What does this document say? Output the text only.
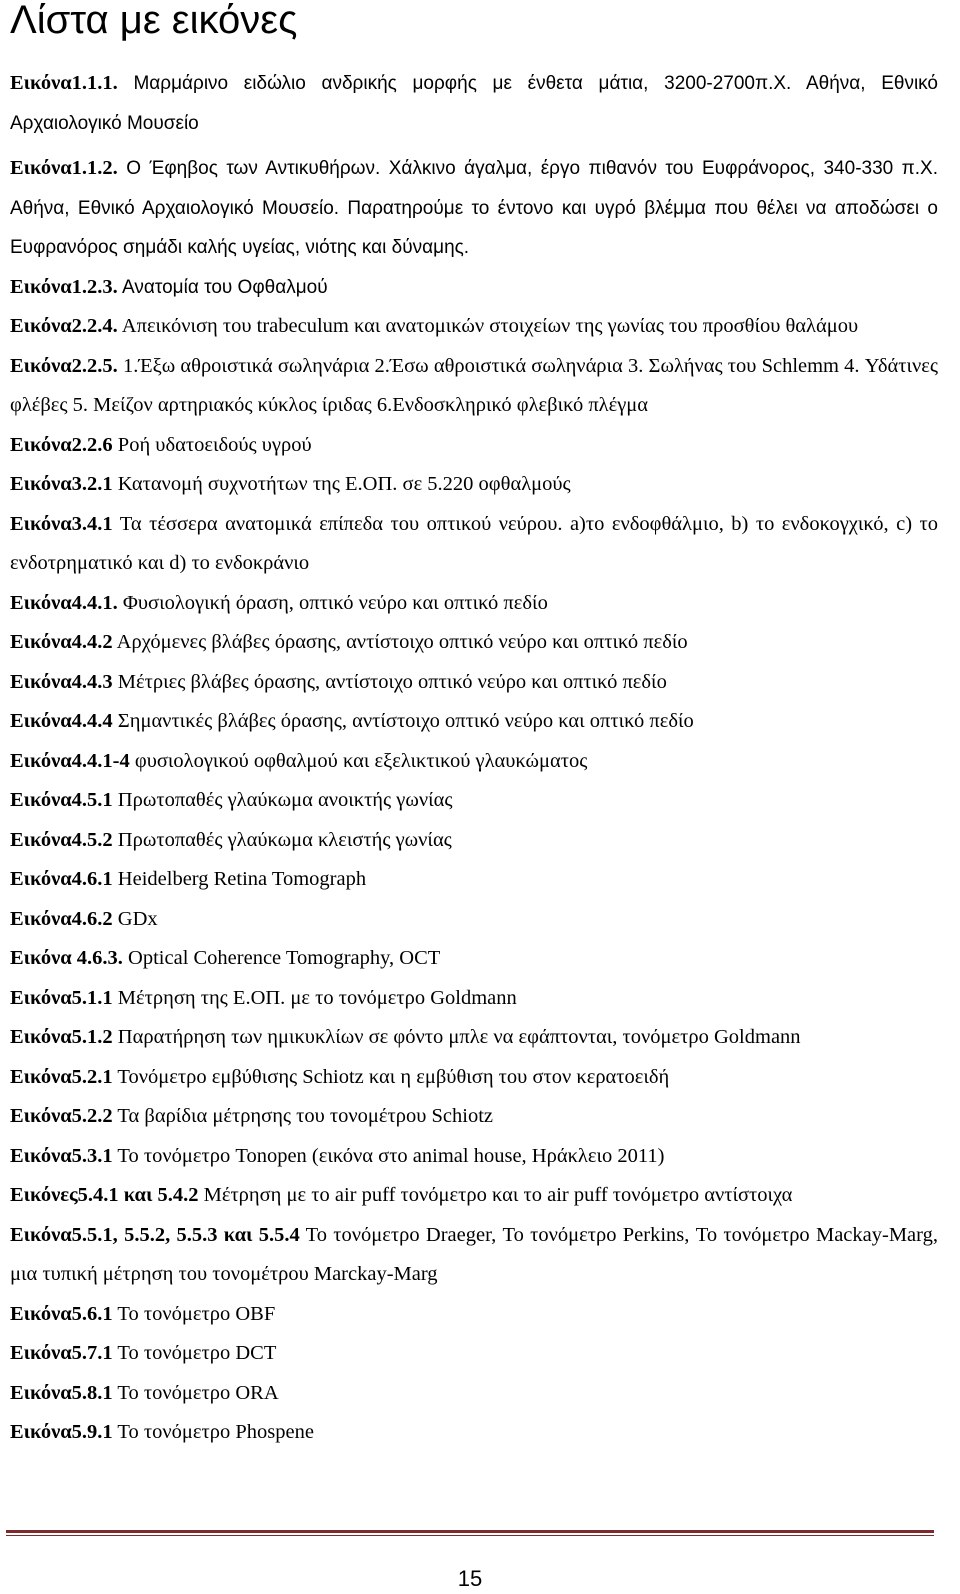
Λίστα με εικόνες

Εικόνα1.1.1. Μαρμάρινο ειδώλιο ανδρικής μορφής με ένθετα μάτια, 3200-2700π.Χ. Αθήνα, Εθνικό Αρχαιολογικό Μουσείο

Εικόνα1.1.2. Ο Έφηβος των Αντικυθήρων. Χάλκινο άγαλμα, έργο πιθανόν του Ευφράνορος, 340-330 π.Χ. Αθήνα, Εθνικό Αρχαιολογικό Μουσείο. Παρατηρούμε το έντονο και υγρό βλέμμα που θέλει να αποδώσει ο Ευφρανόρος σημάδι καλής υγείας, νιότης και δύναμης.

Εικόνα1.2.3. Ανατομία του Οφθαλμού

Εικόνα2.2.4. Απεικόνιση του trabeculum και ανατομικών στοιχείων της γωνίας του προσθίου θαλάμου

Εικόνα2.2.5. 1.Έξω αθροιστικά σωληνάρια 2.Έσω αθροιστικά σωληνάρια 3. Σωλήνας του Schlemm 4. Υδάτινες φλέβες 5. Μείζον αρτηριακός κύκλος ίριδας 6.Ενδοσκληρικό φλεβικό πλέγμα

Εικόνα2.2.6 Ροή υδατοειδούς υγρού

Εικόνα3.2.1 Κατανομή συχνοτήτων της Ε.ΟΠ. σε 5.220 οφθαλμούς

Εικόνα3.4.1 Τα τέσσερα ανατομικά επίπεδα του οπτικού νεύρου. a)το ενδοφθάλμιο, b) το ενδοκογχικό, c) το ενδοτρηματικό και d) το ενδοκράνιο

Εικόνα4.4.1. Φυσιολογική όραση, οπτικό νεύρο και οπτικό πεδίο

Εικόνα4.4.2 Αρχόμενες βλάβες όρασης, αντίστοιχο οπτικό νεύρο και οπτικό πεδίο

Εικόνα4.4.3 Μέτριες βλάβες όρασης, αντίστοιχο οπτικό νεύρο και οπτικό πεδίο

Εικόνα4.4.4 Σημαντικές βλάβες όρασης, αντίστοιχο οπτικό νεύρο και οπτικό πεδίο

Εικόνα4.4.1-4 φυσιολογικού οφθαλμού και εξελικτικού γλαυκώματος

Εικόνα4.5.1 Πρωτοπαθές γλαύκωμα ανοικτής γωνίας

Εικόνα4.5.2 Πρωτοπαθές γλαύκωμα κλειστής γωνίας

Εικόνα4.6.1 Heidelberg Retina Tomograph

Εικόνα4.6.2 GDx

Εικόνα 4.6.3. Optical Coherence Tomography, OCT

Εικόνα5.1.1 Μέτρηση της Ε.ΟΠ. με το τονόμετρο Goldmann

Εικόνα5.1.2 Παρατήρηση των ημικυκλίων σε φόντο μπλε να εφάπτονται, τονόμετρο Goldmann

Εικόνα5.2.1 Τονόμετρο εμβύθισης Schiotz και η εμβύθιση του στον κερατοειδή

Εικόνα5.2.2 Τα βαρίδια μέτρησης του τονομέτρου Schiotz

Εικόνα5.3.1 Το τονόμετρο Tonopen (εικόνα στο animal house, Ηράκλειο 2011)

Εικόνες5.4.1 και 5.4.2 Μέτρηση με το air puff τονόμετρο και το air puff τονόμετρο αντίστοιχα

Εικόνα5.5.1, 5.5.2, 5.5.3 και 5.5.4 Το τονόμετρο Draeger, Το τονόμετρο Perkins, Το τονόμετρο Mackay-Marg, μια τυπική μέτρηση του τονομέτρου Marckay-Marg

Εικόνα5.6.1 Το τονόμετρο OBF

Εικόνα5.7.1 Το τονόμετρο DCT

Εικόνα5.8.1 Το τονόμετρο ORA

Εικόνα5.9.1 Το τονόμετρο Phospene

15
